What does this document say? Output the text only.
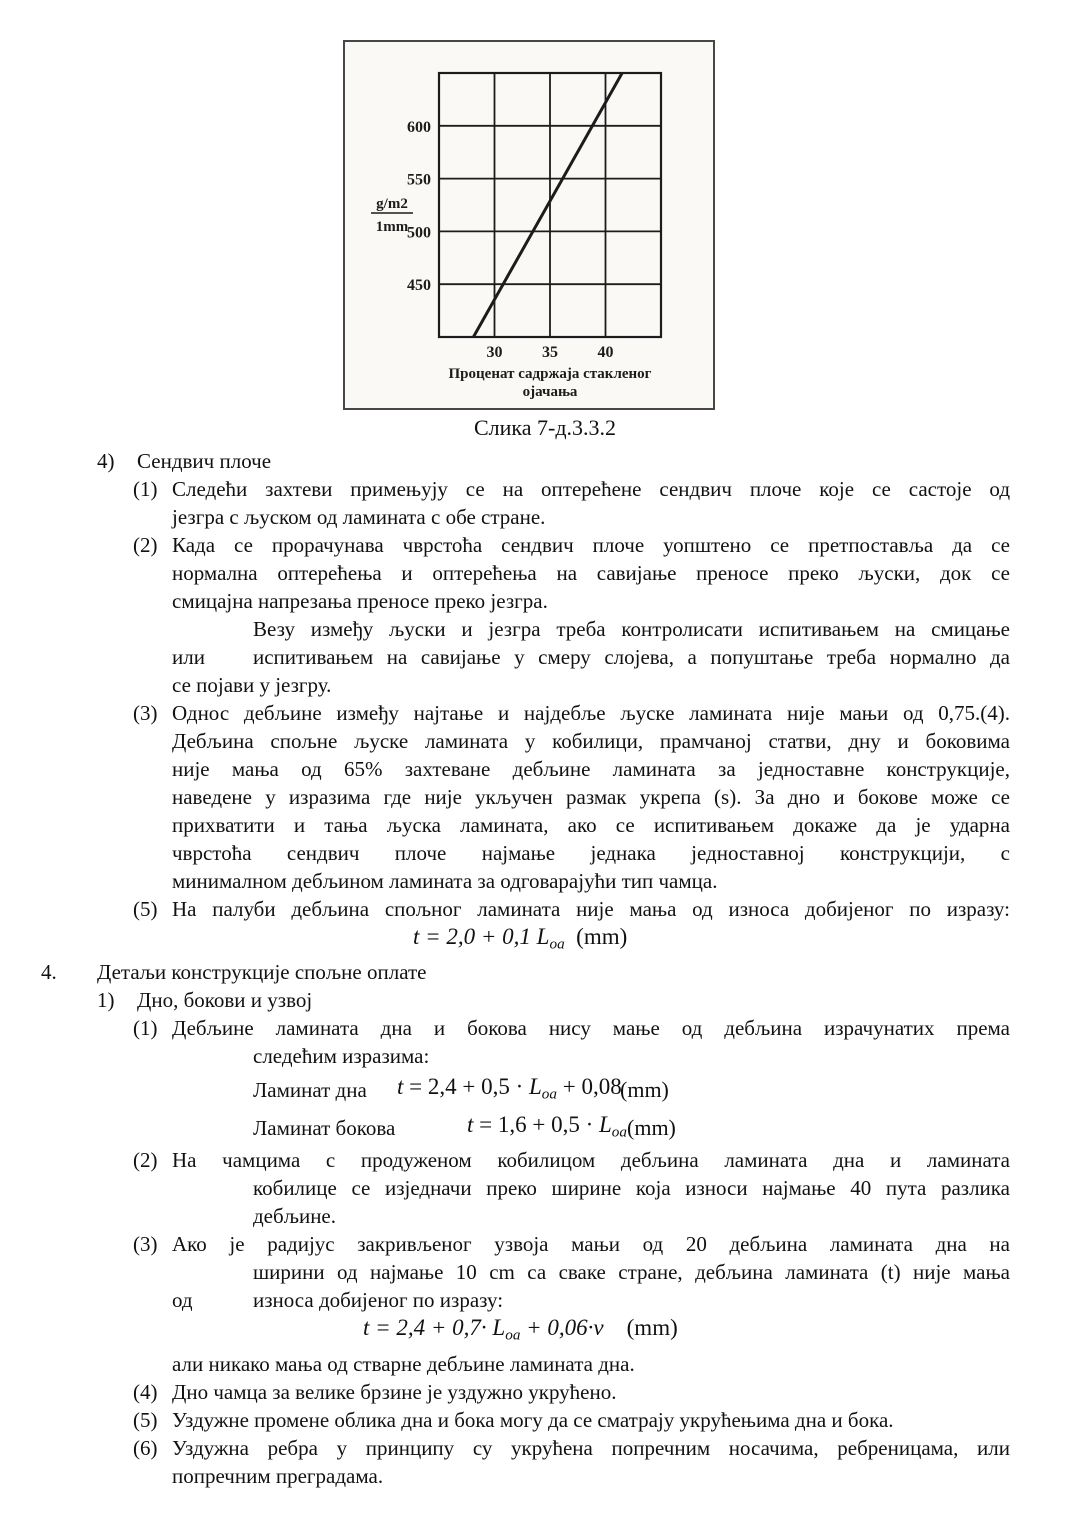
450
500
550
600
30 35 40
g/m2
1mm
Проценат садржаја стакленог
ојачања
Слика 7-д.3.3.2
4) Сендвич плоче
(1) Следећи захтеви примењују се на оптерећене сендвич плоче које се састоје од
језгра с љуском од ламината с обе стране.
(2) Када се прорачунава чврстоћа сендвич плоче уопштено се претпоставља да се
нормална оптерећења и оптерећења на савијање преносе преко љуски, док се
смицајна напрезања преносе преко језгра.
Везу између љуски и језгра треба контролисати испитивањем на смицање
или испитивањем на савијање у смеру слојева, а попуштање треба нормално да
се појави у језгру.
(3) Однос дебљине између најтање и најдебље љуске ламината није мањи од 0,75.(4).
Дебљина спољне љуске ламината у кобилици, прамчаној статви, дну и боковима
није мања од 65% захтеване дебљине ламината за једноставне конструкције,
наведене у изразима где није укључен размак укрепа (s). За дно и бокове може се
прихватити и тања љуска ламината, ако се испитивањем докаже да је ударна
чврстоћа сендвич плоче најмање једнака једноставној конструкцији, с
минималном дебљином ламината за одговарајући тип чамца.
(5) На палуби дебљина спољног ламината није мања од износа добијеног по изразу:
t = 2,0 + 0,1 Loa  (mm)
4. Детаљи конструкције спољне оплате
1) Дно, бокови и узвој
(1) Дебљине ламината дна и бокова нису мање од дебљина израчунатих према
следећим изразима:
Ламинат дна t = 2,4 + 0,5 · Loa + 0,08
(mm)
Ламинат бокова	t = 1,6 + 0,5 · Loa (mm)
(2) На чамцима с продуженом кобилицом дебљина ламината дна и ламината
кобилице се изједначи преко ширине која износи најмање 40 пута разлика
дебљине.
(3) Ако је радијус закривљеног узвоја мањи од 20 дебљина ламината дна на
ширини од најмање 10 cm са сваке стране, дебљина ламината (t) није мања
од	износа добијеног по изразу:
t = 2,4 + 0,7· Loa + 0,06·v    (mm)
али никако мања од стварне дебљине ламината дна.
(4) Дно чамца за велике брзине је уздужно укрућено.
(5) Уздужне промене облика дна и бока могу да се сматрају укрућењима дна и бока.
(6) Уздужна ребра у принципу су укрућена попречним носачима, ребреницама, или
попречним преградама.
